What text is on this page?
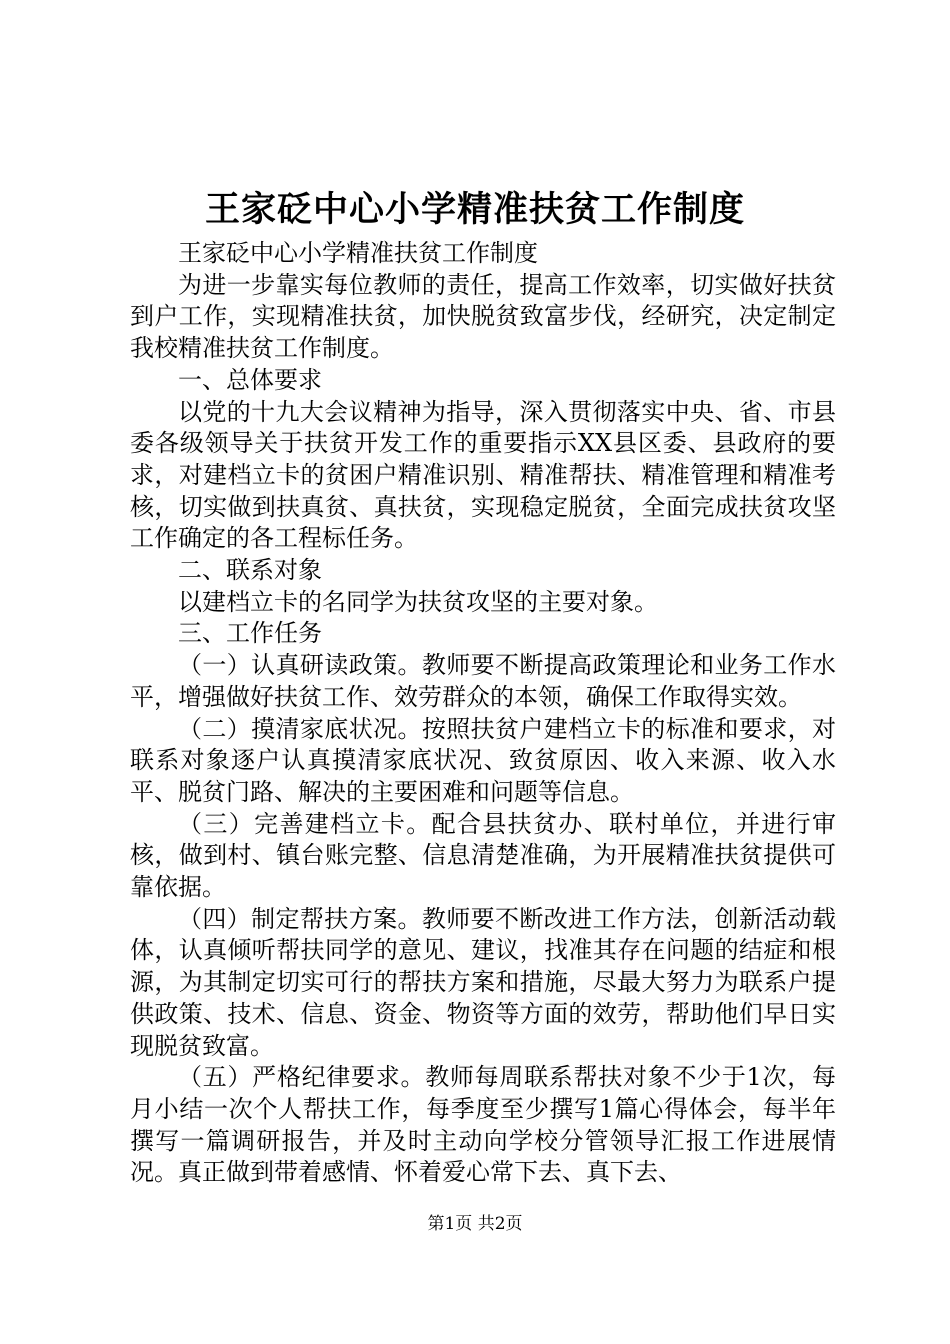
王家砭中心小学精准扶贫工作制度

王家砭中心小学精准扶贫工作制度

为进一步靠实每位教师的责任，提高工作效率，切实做好扶贫到户工作，实现精准扶贫，加快脱贫致富步伐，经研究，决定制定我校精准扶贫工作制度。

一、总体要求

以党的十九大会议精神为指导，深入贯彻落实中央、省、市县委各级领导关于扶贫开发工作的重要指示XX县区委、县政府的要求，对建档立卡的贫困户精准识别、精准帮扶、精准管理和精准考核，切实做到扶真贫、真扶贫，实现稳定脱贫，全面完成扶贫攻坚工作确定的各工程标任务。

二、联系对象

以建档立卡的名同学为扶贫攻坚的主要对象。

三、工作任务

（一）认真研读政策。教师要不断提高政策理论和业务工作水平，增强做好扶贫工作、效劳群众的本领，确保工作取得实效。

（二）摸清家底状况。按照扶贫户建档立卡的标准和要求，对联系对象逐户认真摸清家底状况、致贫原因、收入来源、收入水平、脱贫门路、解决的主要困难和问题等信息。

（三）完善建档立卡。配合县扶贫办、联村单位，并进行审核，做到村、镇台账完整、信息清楚准确，为开展精准扶贫提供可靠依据。

（四）制定帮扶方案。教师要不断改进工作方法，创新活动载体，认真倾听帮扶同学的意见、建议，找准其存在问题的结症和根源，为其制定切实可行的帮扶方案和措施，尽最大努力为联系户提供政策、技术、信息、资金、物资等方面的效劳，帮助他们早日实现脱贫致富。

（五）严格纪律要求。教师每周联系帮扶对象不少于1次，每月小结一次个人帮扶工作，每季度至少撰写1篇心得体会，每半年撰写一篇调研报告，并及时主动向学校分管领导汇报工作进展情况。真正做到带着感情、怀着爱心常下去、真下去、

第1页 共2页
